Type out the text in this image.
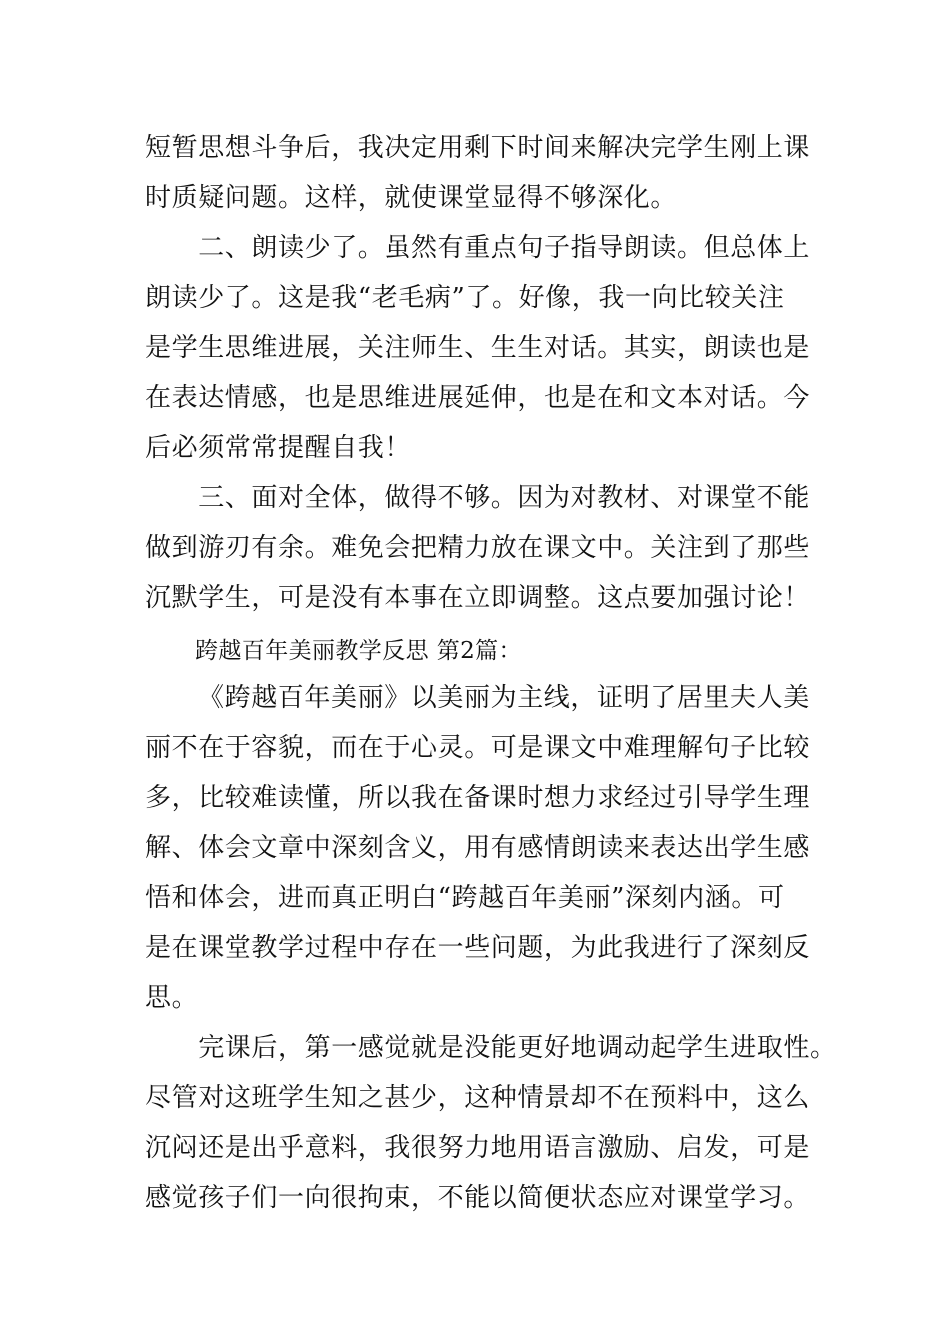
短暂思想斗争后，我决定用剩下时间来解决完学生刚上课
时质疑问题。这样，就使课堂显得不够深化。
　　二、朗读少了。虽然有重点句子指导朗读。但总体上
朗读少了。这是我“老毛病”了。好像，我一向比较关注
是学生思维进展，关注师生、生生对话。其实，朗读也是
在表达情感，也是思维进展延伸，也是在和文本对话。今
后必须常常提醒自我！
　　三、面对全体，做得不够。因为对教材、对课堂不能
做到游刃有余。难免会把精力放在课文中。关注到了那些
沉默学生，可是没有本事在立即调整。这点要加强讨论！
跨越百年美丽教学反思 第2篇：
《跨越百年美丽》以美丽为主线，证明了居里夫人美
丽不在于容貌，而在于心灵。可是课文中难理解句子比较
多，比较难读懂，所以我在备课时想力求经过引导学生理
解、体会文章中深刻含义，用有感情朗读来表达出学生感
悟和体会，进而真正明白“跨越百年美丽”深刻内涵。可
是在课堂教学过程中存在一些问题，为此我进行了深刻反
思。
　　完课后，第一感觉就是没能更好地调动起学生进取性。
尽管对这班学生知之甚少，这种情景却不在预料中，这么
沉闷还是出乎意料，我很努力地用语言激励、启发，可是
感觉孩子们一向很拘束，不能以简便状态应对课堂学习。
